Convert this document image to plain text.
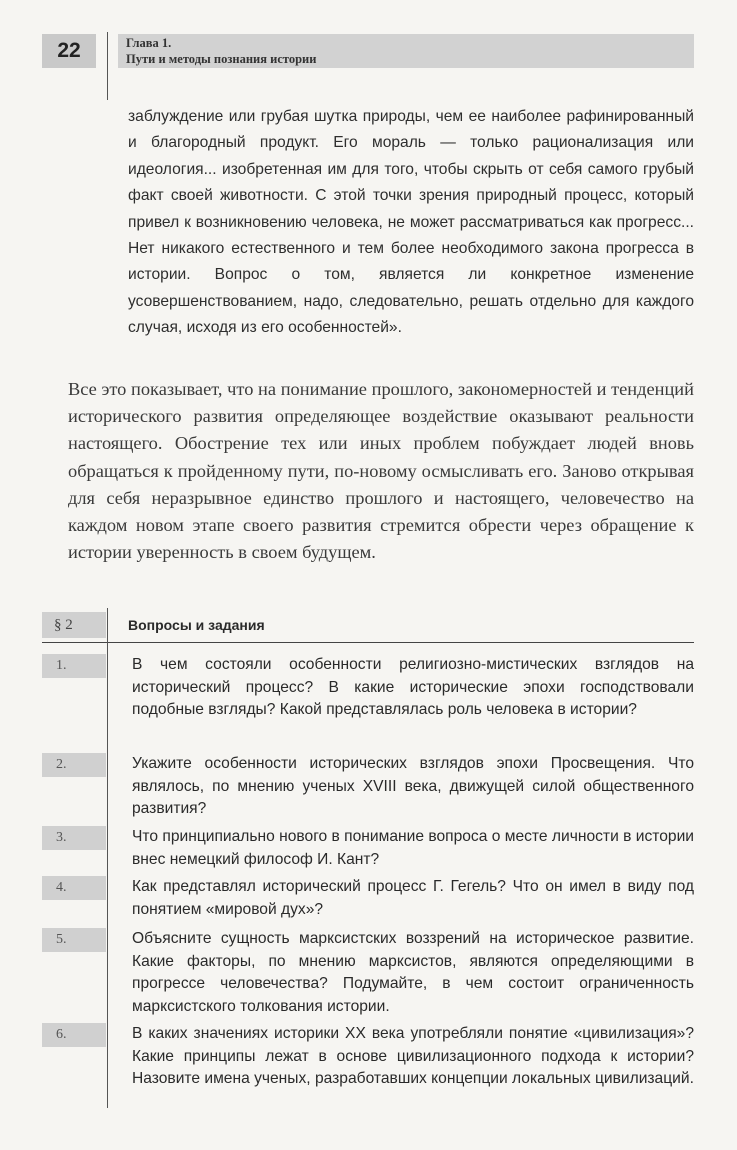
22	Глава 1.
Пути и методы познания истории
заблуждение или грубая шутка природы, чем ее наиболее рафинированный и благородный продукт. Его мораль — только рационализация или идеология... изобретенная им для того, чтобы скрыть от себя самого грубый факт своей животности. С этой точки зрения природный процесс, который привел к возникновению человека, не может рассматриваться как прогресс... Нет никакого естественного и тем более необходимого закона прогресса в истории. Вопрос о том, является ли конкретное изменение усовершенствованием, надо, следовательно, решать отдельно для каждого случая, исходя из его особенностей».
Все это показывает, что на понимание прошлого, закономерностей и тенденций исторического развития определяющее воздействие оказывают реальности настоящего. Обострение тех или иных проблем побуждает людей вновь обращаться к пройденному пути, по-новому осмысливать его. Заново открывая для себя неразрывное единство прошлого и настоящего, человечество на каждом новом этапе своего развития стремится обрести через обращение к истории уверенность в своем будущем.
§ 2	Вопросы и задания
1.	В чем состояли особенности религиозно-мистических взглядов на исторический процесс? В какие исторические эпохи господствовали подобные взгляды? Какой представлялась роль человека в истории?
2.	Укажите особенности исторических взглядов эпохи Просвещения. Что являлось, по мнению ученых XVIII века, движущей силой общественного развития?
3.	Что принципиально нового в понимание вопроса о месте личности в истории внес немецкий философ И. Кант?
4.	Как представлял исторический процесс Г. Гегель? Что он имел в виду под понятием «мировой дух»?
5.	Объясните сущность марксистских воззрений на историческое развитие. Какие факторы, по мнению марксистов, являются определяющими в прогрессе человечества? Подумайте, в чем состоит ограниченность марксистского толкования истории.
6.	В каких значениях историки XX века употребляли понятие «цивилизация»? Какие принципы лежат в основе цивилизационного подхода к истории? Назовите имена ученых, разработавших концепции локальных цивилизаций.
